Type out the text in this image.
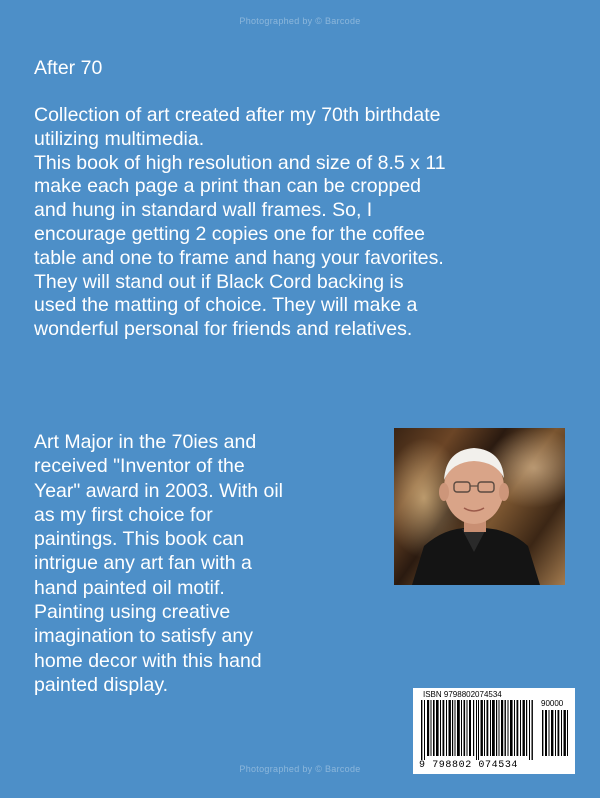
Photographed by © Barcode
After 70

Collection of art created after my 70th birthdate
utilizing multimedia.
This book of high resolution and size of 8.5 x 11
make each page a print than can be cropped
and hung in standard wall frames. So, I
encourage getting 2 copies one for the coffee
table and one to frame and hang your favorites.
They will stand out if Black Cord backing is
used the matting of choice. They will make a
wonderful personal for friends and relatives.

Art Major in the 70ies and
received "Inventor of the
Year" award in 2003. With oil
as my first choice for
paintings. This book can
intrigue any art fan with a
hand painted oil motif.
Painting using creative
imagination to satisfy any
home decor with this hand
painted display.	ISBN 9798802074534
90000
9 798802 074534
Photographed by © Barcode
